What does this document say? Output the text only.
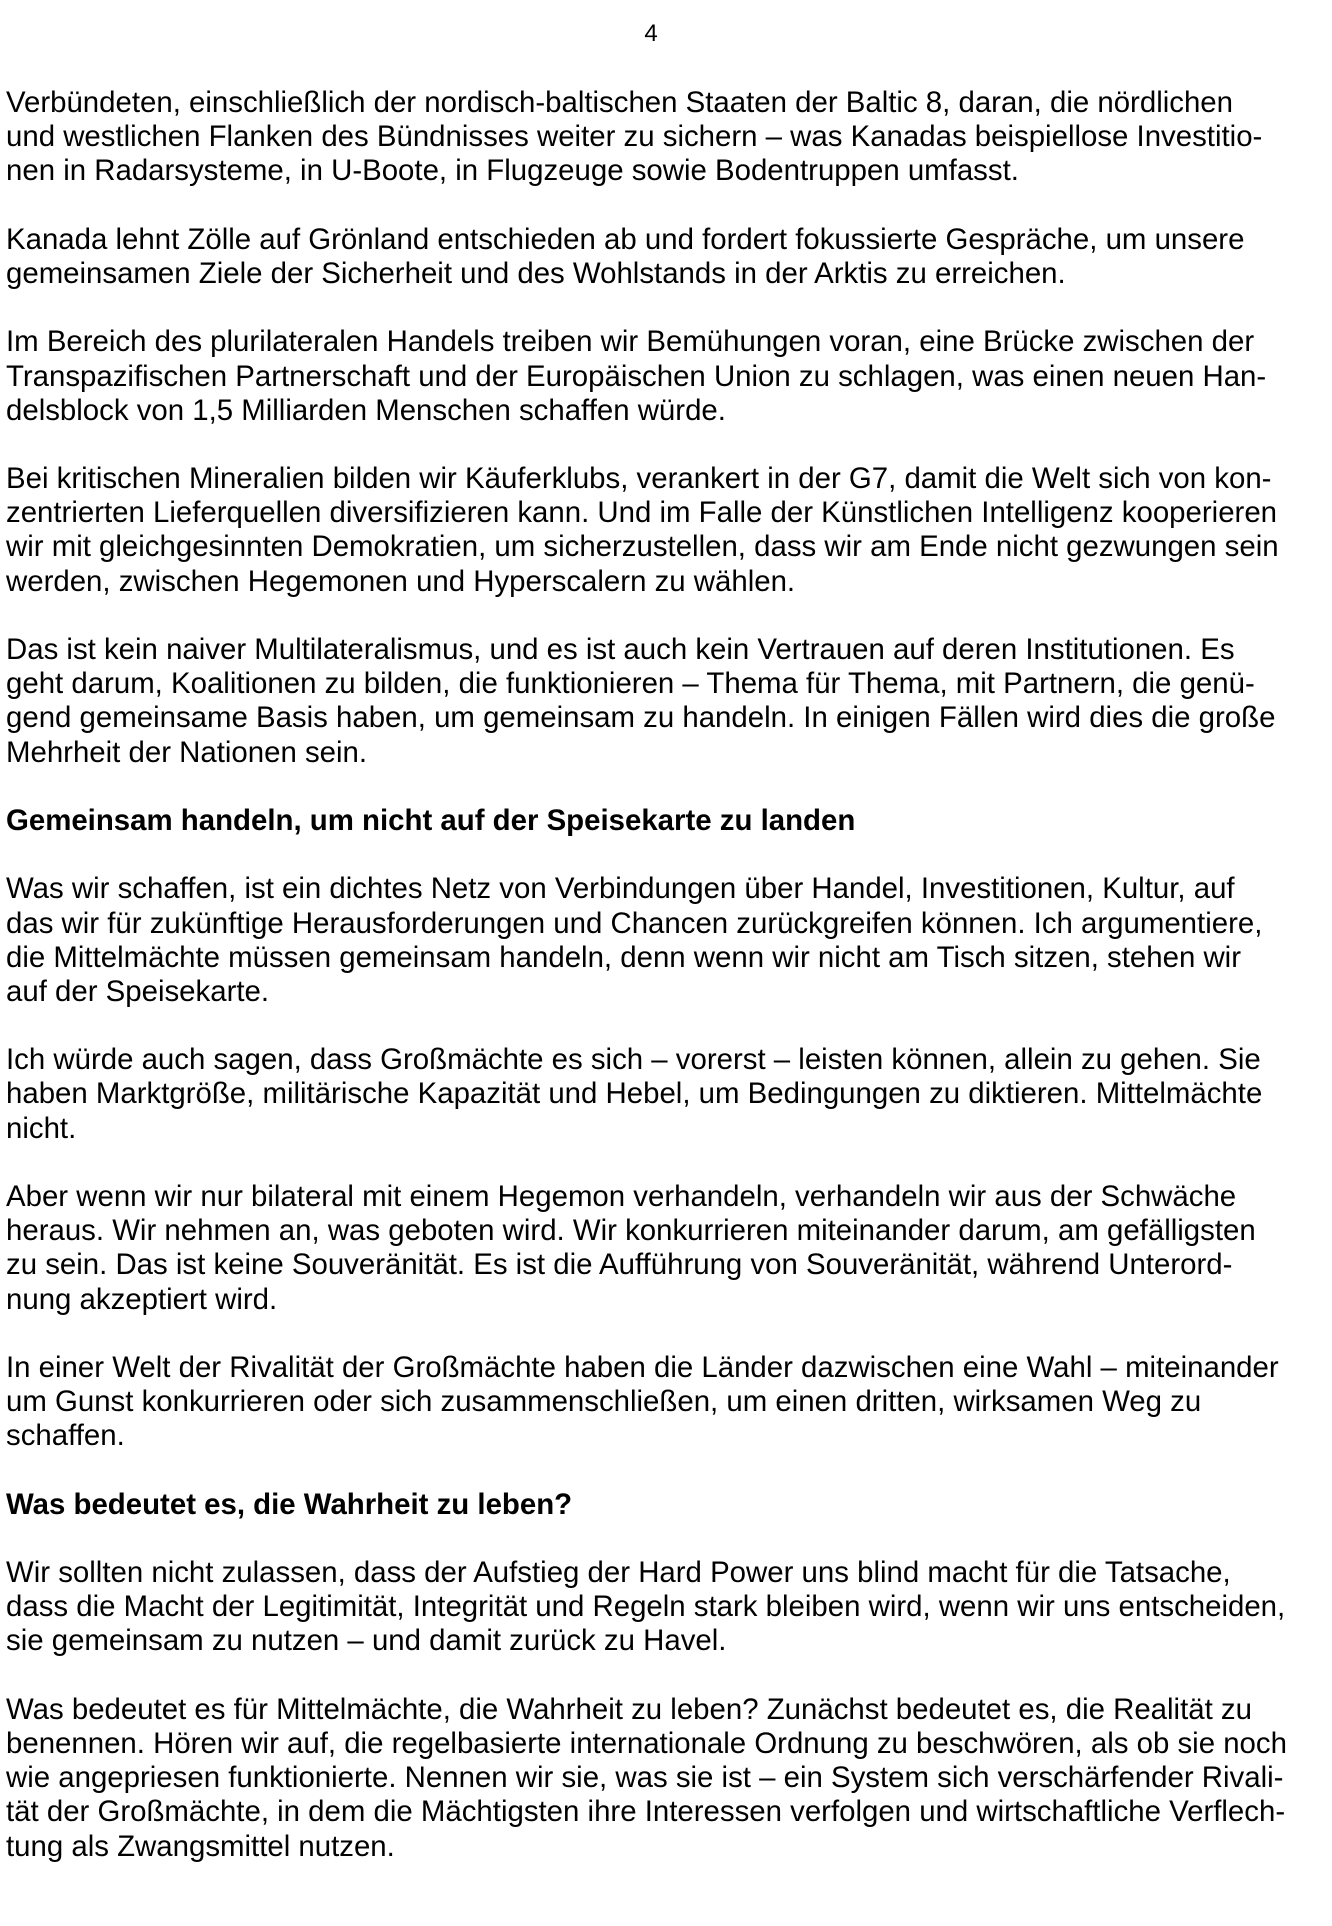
4
Verbündeten, einschließlich der nordisch-baltischen Staaten der Baltic 8, daran, die nördlichen
und westlichen Flanken des Bündnisses weiter zu sichern – was Kanadas beispiellose Investitio-
nen in Radarsysteme, in U-Boote, in Flugzeuge sowie Bodentruppen umfasst.
Kanada lehnt Zölle auf Grönland entschieden ab und fordert fokussierte Gespräche, um unsere
gemeinsamen Ziele der Sicherheit und des Wohlstands in der Arktis zu erreichen.
Im Bereich des plurilateralen Handels treiben wir Bemühungen voran, eine Brücke zwischen der
Transpazifischen Partnerschaft und der Europäischen Union zu schlagen, was einen neuen Han-
delsblock von 1,5 Milliarden Menschen schaffen würde.
Bei kritischen Mineralien bilden wir Käuferklubs, verankert in der G7, damit die Welt sich von kon-
zentrierten Lieferquellen diversifizieren kann. Und im Falle der Künstlichen Intelligenz kooperieren
wir mit gleichgesinnten Demokratien, um sicherzustellen, dass wir am Ende nicht gezwungen sein
werden, zwischen Hegemonen und Hyperscalern zu wählen.
Das ist kein naiver Multilateralismus, und es ist auch kein Vertrauen auf deren Institutionen. Es
geht darum, Koalitionen zu bilden, die funktionieren – Thema für Thema, mit Partnern, die genü-
gend gemeinsame Basis haben, um gemeinsam zu handeln. In einigen Fällen wird dies die große
Mehrheit der Nationen sein.
Gemeinsam handeln, um nicht auf der Speisekarte zu landen
Was wir schaffen, ist ein dichtes Netz von Verbindungen über Handel, Investitionen, Kultur, auf
das wir für zukünftige Herausforderungen und Chancen zurückgreifen können. Ich argumentiere,
die Mittelmächte müssen gemeinsam handeln, denn wenn wir nicht am Tisch sitzen, stehen wir
auf der Speisekarte.
Ich würde auch sagen, dass Großmächte es sich – vorerst – leisten können, allein zu gehen. Sie
haben Marktgröße, militärische Kapazität und Hebel, um Bedingungen zu diktieren. Mittelmächte
nicht.
Aber wenn wir nur bilateral mit einem Hegemon verhandeln, verhandeln wir aus der Schwäche
heraus. Wir nehmen an, was geboten wird. Wir konkurrieren miteinander darum, am gefälligsten
zu sein. Das ist keine Souveränität. Es ist die Aufführung von Souveränität, während Unterord-
nung akzeptiert wird.
In einer Welt der Rivalität der Großmächte haben die Länder dazwischen eine Wahl – miteinander
um Gunst konkurrieren oder sich zusammenschließen, um einen dritten, wirksamen Weg zu
schaffen.
Was bedeutet es, die Wahrheit zu leben?
Wir sollten nicht zulassen, dass der Aufstieg der Hard Power uns blind macht für die Tatsache,
dass die Macht der Legitimität, Integrität und Regeln stark bleiben wird, wenn wir uns entscheiden,
sie gemeinsam zu nutzen – und damit zurück zu Havel.
Was bedeutet es für Mittelmächte, die Wahrheit zu leben? Zunächst bedeutet es, die Realität zu
benennen. Hören wir auf, die regelbasierte internationale Ordnung zu beschwören, als ob sie noch
wie angepriesen funktionierte. Nennen wir sie, was sie ist – ein System sich verschärfender Rivali-
tät der Großmächte, in dem die Mächtigsten ihre Interessen verfolgen und wirtschaftliche Verflech-
tung als Zwangsmittel nutzen.
